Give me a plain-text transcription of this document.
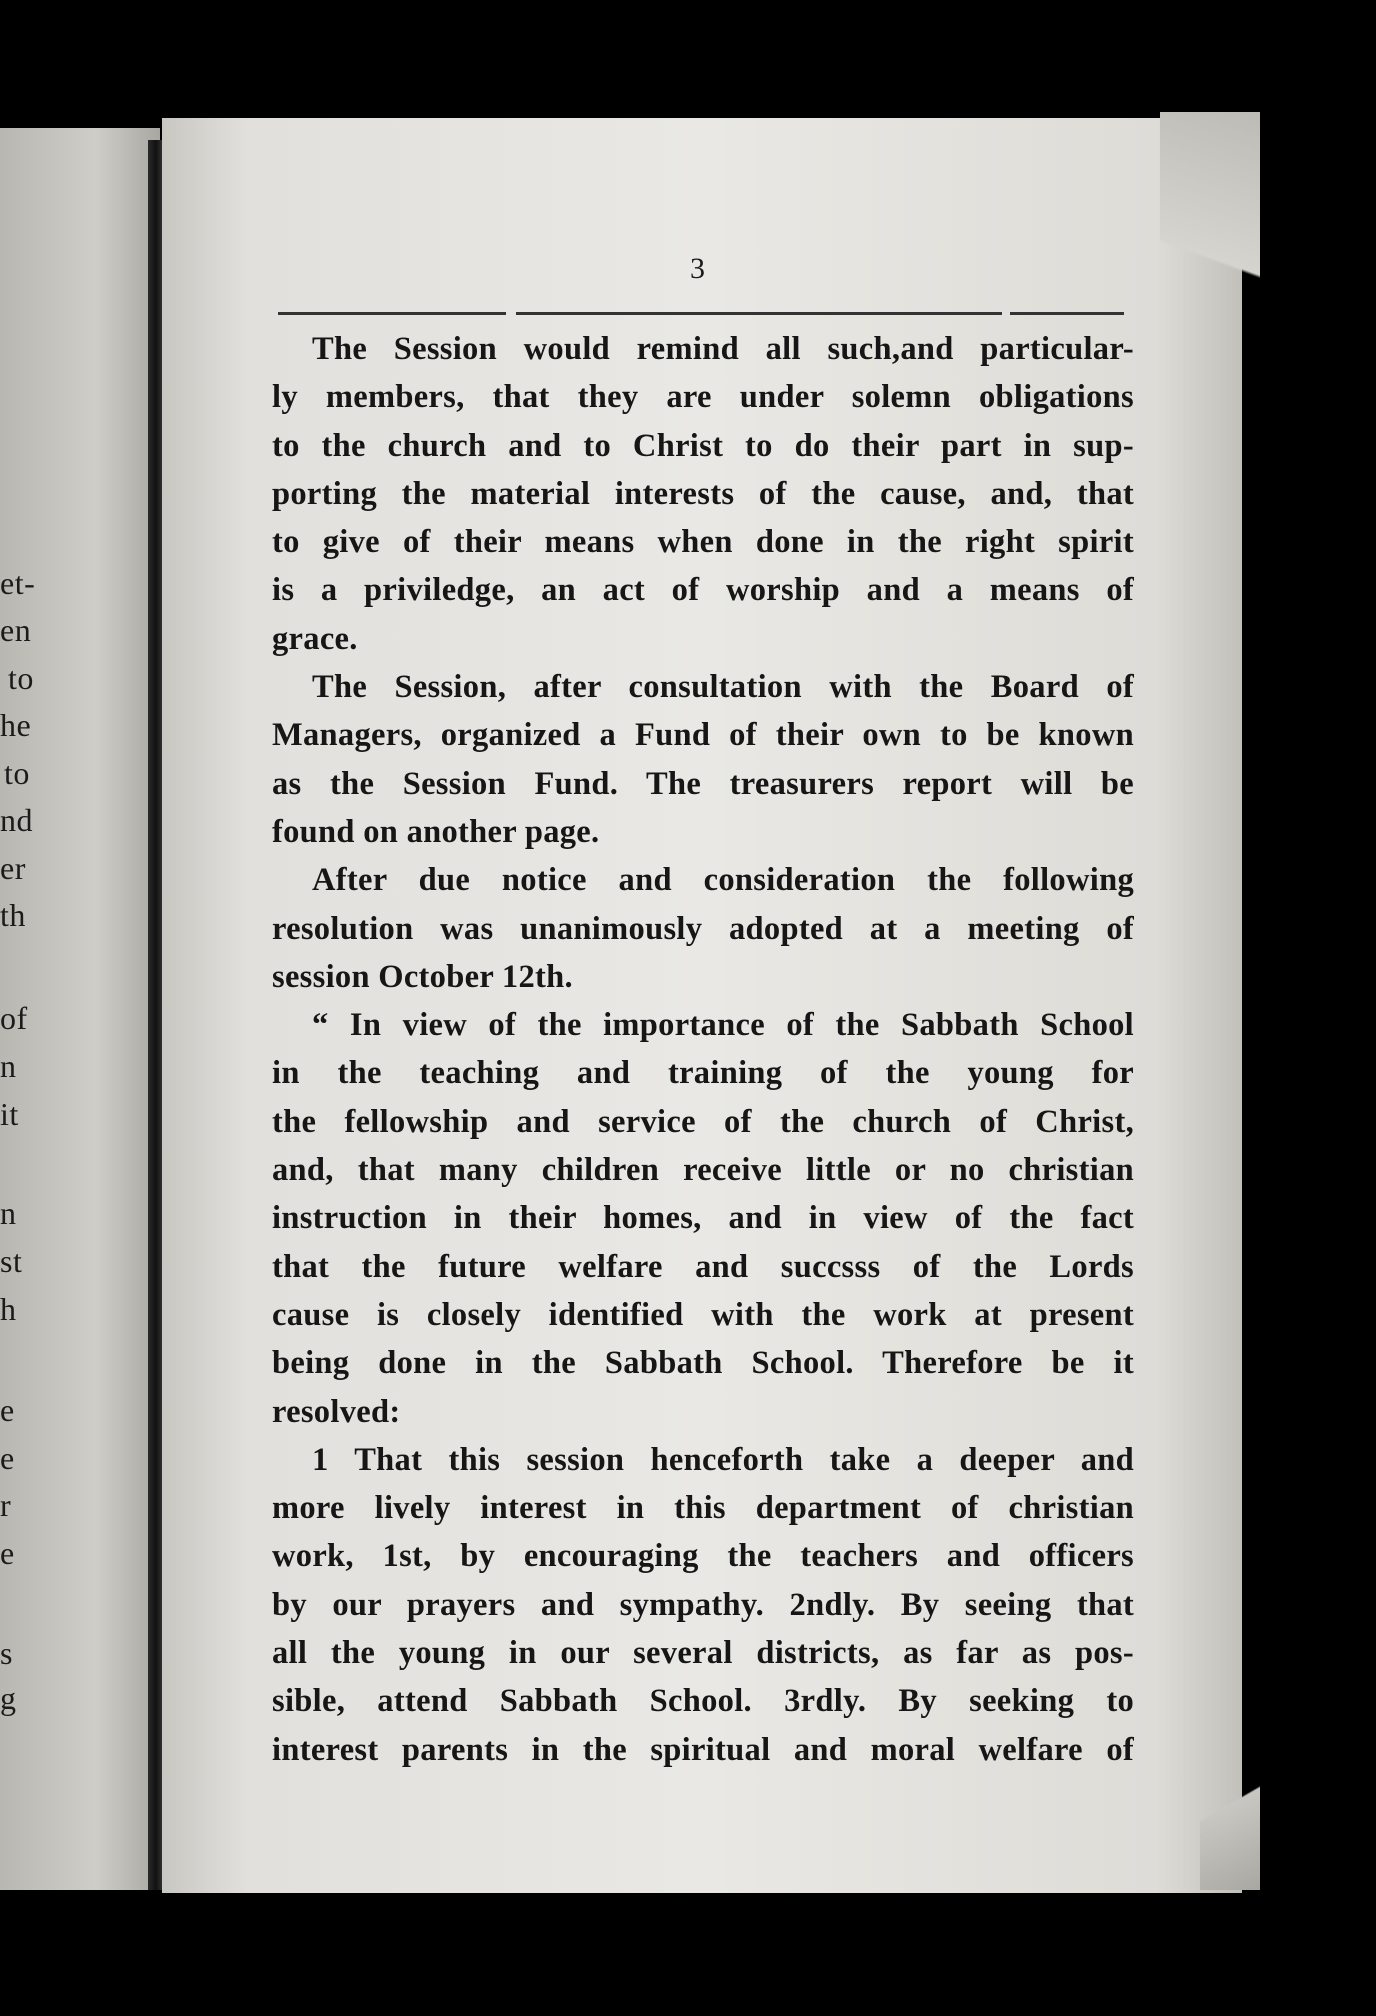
et-
en
to
he
to
nd
er
th
of
n
it
n
st
h
e
e
r
e
s
g
3
The Session would remind all such,and particular-
ly members, that they are under solemn obligations
to the church and to Christ to do their part in sup-
porting the material interests of the cause, and, that
to give of their means when done in the right spirit
is a priviledge, an act of worship and a means of
grace.
The Session, after consultation with the Board of
Managers, organized a Fund of their own to be known
as the Session Fund. The treasurers report will be
found on another page.
After due notice and consideration the following
resolution was unanimously adopted at a meeting of
session October 12th.
“ In view of the importance of the Sabbath School
in the teaching and training of the young for
the fellowship and service of the church of Christ,
and, that many children receive little or no christian
instruction in their homes, and in view of the fact
that the future welfare and succsss of the Lords
cause is closely identified with the work at present
being done in the Sabbath School. Therefore be it
resolved:
1 That this session henceforth take a deeper and
more lively interest in this department of christian
work, 1st, by encouraging the teachers and officers
by our prayers and sympathy. 2ndly. By seeing that
all the young in our several districts, as far as pos-
sible, attend Sabbath School. 3rdly. By seeking to
interest parents in the spiritual and moral welfare of
